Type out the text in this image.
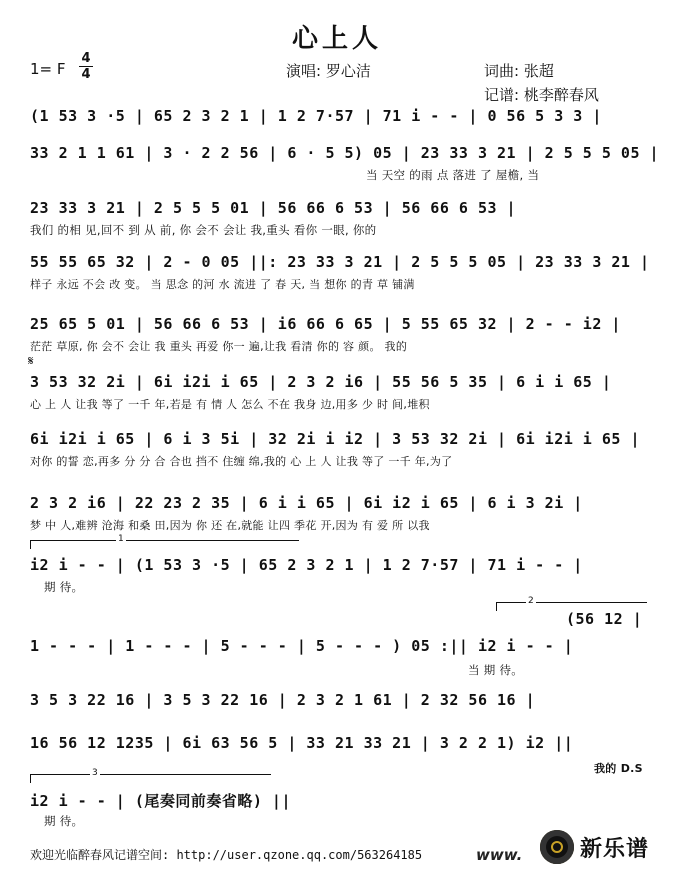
心上人
1= F
4
4	演唱: 罗心洁	词曲: 张超
记谱: 桃李醉春风
(1 53 3 ·5 | 65 2 3 2 1 | 1 2 7·57 | 71 i - - | 0 56 5 3 3 |
33 2 1 1 61 | 3 · 2 2 56 | 6 · 5 5) 05 | 23 33 3 21 | 2 5 5 5 05 |
当 天空 的雨 点 落进 了 屋檐, 当
23 33 3 21 | 2 5 5 5 01 | 56 66 6 53 | 56 66 6 53 |
我们 的相 见,回不 到 从 前, 你 会不 会让 我,重头 看你 一眼, 你的
55 55 65 32 | 2 - 0 05 ||: 23 33 3 21 | 2 5 5 5 05 | 23 33 3 21 |
样子 永远 不会 改 变。 当 思念 的河 水 流进 了 春 天, 当 想你 的青 草 铺满
25 65 5 01 | 56 66 6 53 | i6 66 6 65 | 5 55 65 32 | 2 - - i2 |
茫茫 草原, 你 会不 会让 我 重头 再爱 你一 遍,让我 看清 你的 容 颜。 我的
𝄋
3 53 32 2i | 6i i2i i 65 | 2 3 2 i6 | 55 56 5 35 | 6 i i 65 |
心 上 人 让我 等了 一千 年,若是 有 情 人 怎么 不在 我身 边,用多 少 时 间,堆积
6i i2i i 65 | 6 i 3 5i | 32 2i i i2 | 3 53 32 2i | 6i i2i i 65 |
对你 的誓 恋,再多 分 分 合 合也 挡不 住缠 绵,我的 心 上 人 让我 等了 一千 年,为了
2 3 2 i6 | 22 23 2 35 | 6 i i 65 | 6i i2 i 65 | 6 i 3 2i |
梦 中 人,难辨 沧海 和桑 田,因为 你 还 在,就能 让四 季花 开,因为 有 爱 所 以我
1
i2 i - - | (1 53 3 ·5 | 65 2 3 2 1 | 1 2 7·57 | 71 i - - |
期 待。
2
(56 12 |
1 - - - | 1 - - - | 5 - - - | 5 - - - ) 05 :|| i2 i - - |
当 期 待。
3 5 3 22 16 | 3 5 3 22 16 | 2 3 2 1 61 | 2 32 56 16 |
16 56 12 1235 | 6i 63 56 5 | 33 21 33 21 | 3 2 2 1) i2 ||
我的 D.S
3
i2 i - - | (尾奏同前奏省略) ||
期 待。
欢迎光临醉春风记谱空间: http://user.qzone.qq.com/563264185	www.	新乐谱
